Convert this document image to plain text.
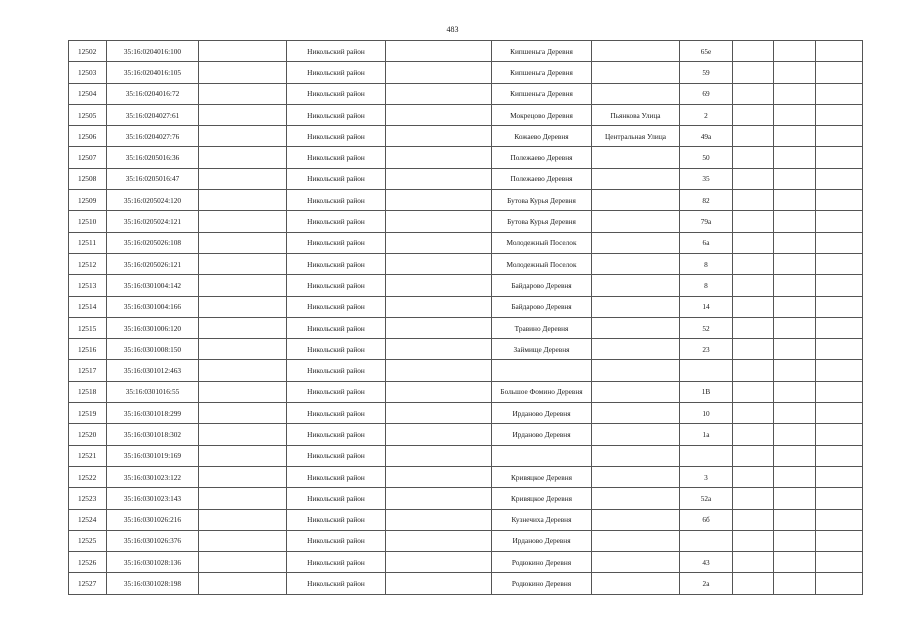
483
12502	35:16:0204016:100		Никольский район		Кипшеньга Деревня		65е			
12503	35:16:0204016:105		Никольский район		Кипшеньга Деревня		59			
12504	35:16:0204016:72		Никольский район		Кипшеньга Деревня		69			
12505	35:16:0204027:61		Никольский район		Мокрецово Деревня	Пьянкова Улица	2			
12506	35:16:0204027:76		Никольский район		Кожаево Деревня	Центральная Улица	49а			
12507	35:16:0205016:36		Никольский район		Полежаево Деревня		50			
12508	35:16:0205016:47		Никольский район		Полежаево Деревня		35			
12509	35:16:0205024:120		Никольский район		Бутова Курья Деревня		82			
12510	35:16:0205024:121		Никольский район		Бутова Курья Деревня		79а			
12511	35:16:0205026:108		Никольский район		Молодежный Поселок		6а			
12512	35:16:0205026:121		Никольский район		Молодежный Поселок		8			
12513	35:16:0301004:142		Никольский район		Байдарово Деревня		8			
12514	35:16:0301004:166		Никольский район		Байдарово Деревня		14			
12515	35:16:0301006:120		Никольский район		Травино Деревня		52			
12516	35:16:0301008:150		Никольский район		Займище Деревня		23			
12517	35:16:0301012:463		Никольский район							
12518	35:16:0301016:55		Никольский район		Большое Фомино Деревня		1В			
12519	35:16:0301018:299		Никольский район		Ирданово Деревня		10			
12520	35:16:0301018:302		Никольский район		Ирданово Деревня		1а			
12521	35:16:0301019:169		Никольский район							
12522	35:16:0301023:122		Никольский район		Кривяцкое Деревня		3			
12523	35:16:0301023:143		Никольский район		Кривяцкое Деревня		52а			
12524	35:16:0301026:216		Никольский район		Кузнечиха Деревня		6б			
12525	35:16:0301026:376		Никольский район		Ирданово Деревня					
12526	35:16:0301028:136		Никольский район		Родюкино Деревня		43			
12527	35:16:0301028:198		Никольский район		Родюкино Деревня		2а			
